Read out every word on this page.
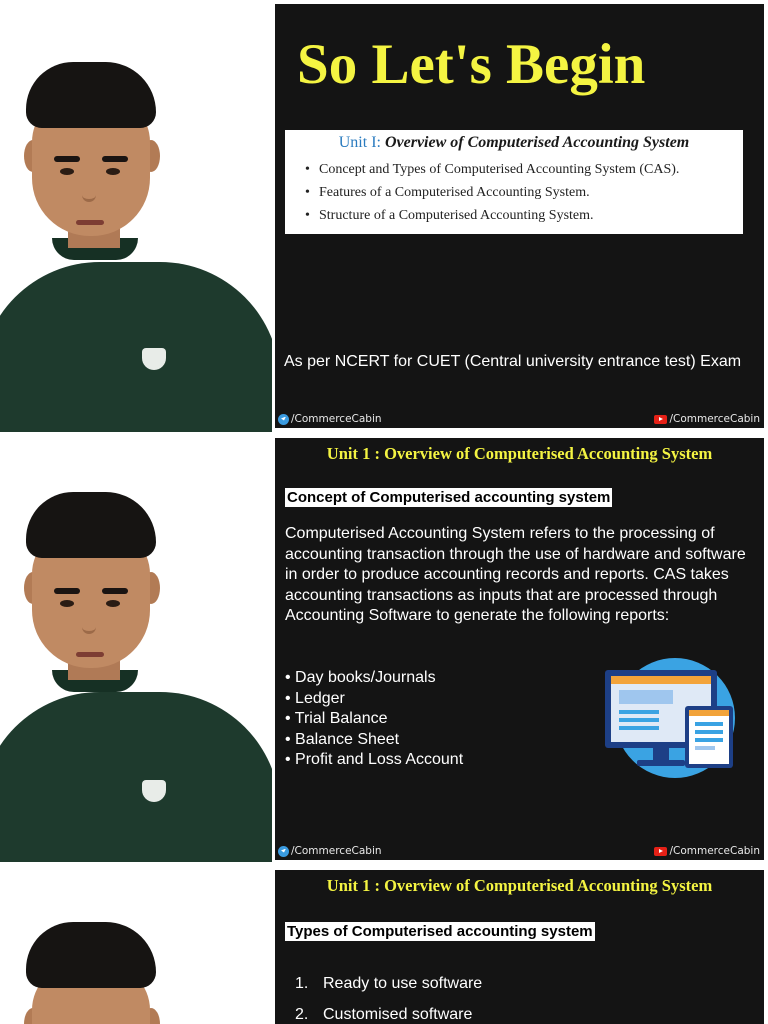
So Let's Begin
Unit I: Overview of Computerised Accounting System
• Concept and Types of Computerised Accounting System (CAS).
• Features of a Computerised Accounting System.
• Structure of a Computerised Accounting System.
As per NCERT for CUET (Central university entrance test) Exam
/CommerceCabin	/CommerceCabin
Unit 1 : Overview of Computerised Accounting System
Concept of Computerised accounting system
Computerised Accounting System refers to the processing of accounting transaction through the use of hardware and software in order to produce accounting records and reports. CAS takes accounting transactions as inputs that are processed through Accounting Software to generate the following reports:
• Day books/Journals
• Ledger
• Trial Balance
• Balance Sheet
• Profit and Loss Account
/CommerceCabin	/CommerceCabin
Unit 1 : Overview of Computerised Accounting System
Types of Computerised accounting system
1. Ready to use software
2. Customised software
